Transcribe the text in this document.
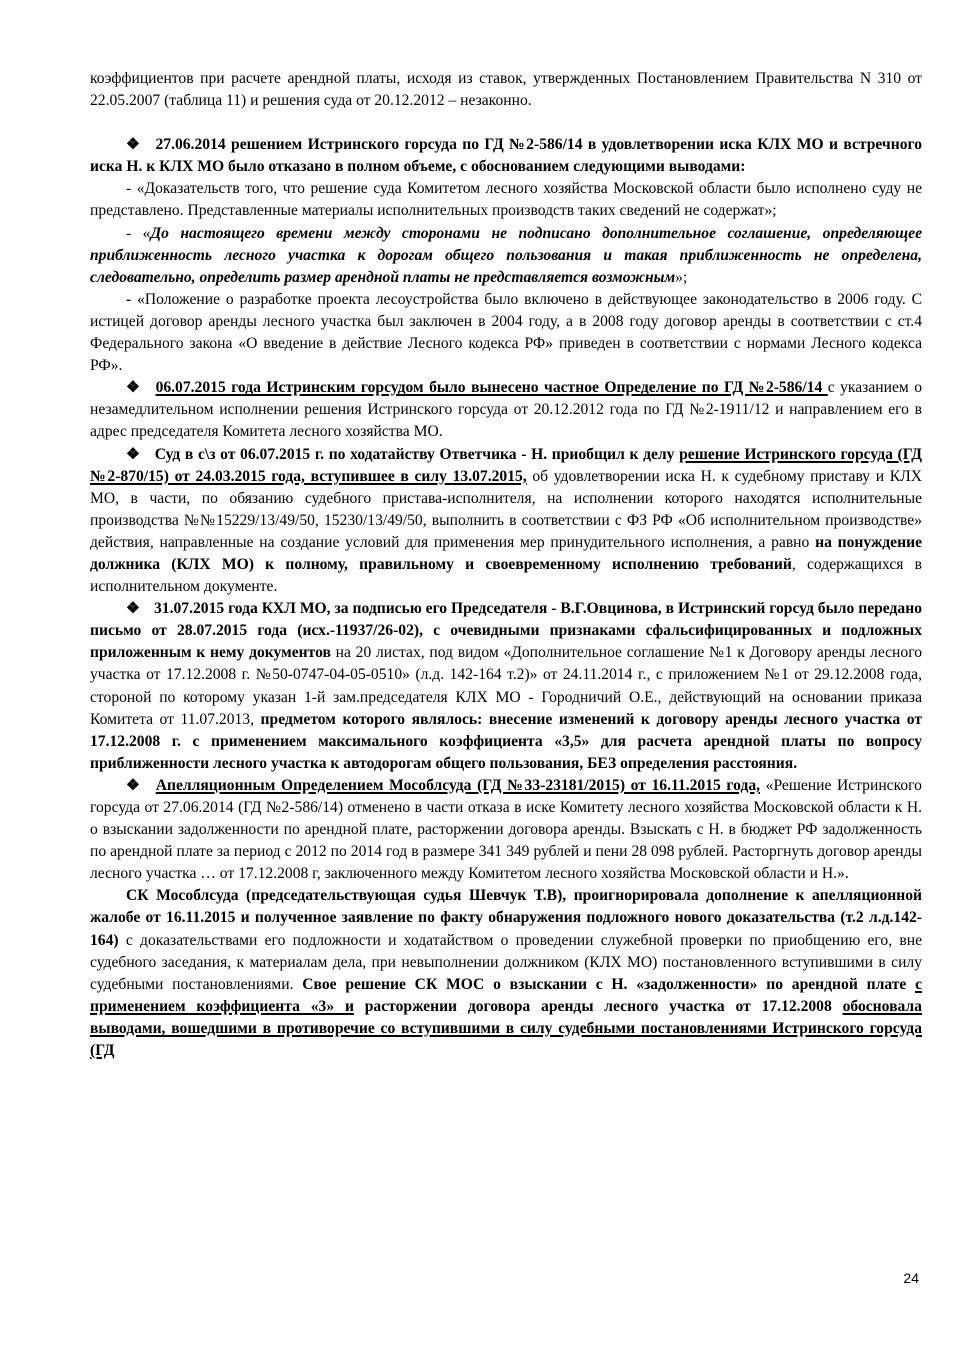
коэффициентов при расчете арендной платы, исходя из ставок, утвержденных Постановлением Правительства N 310 от 22.05.2007 (таблица 11) и решения суда от 20.12.2012 – незаконно.

❖ 27.06.2014 решением Истринского горсуда по ГД №2-586/14 в удовлетворении иска КЛХ МО и встречного иска Н. к КЛХ МО было отказано в полном объеме, с обоснованием следующими выводами:

- «Доказательств того, что решение суда Комитетом лесного хозяйства Московской области было исполнено суду не представлено. Представленные материалы исполнительных производств таких сведений не содержат»;

- «До настоящего времени между сторонами не подписано дополнительное соглашение, определяющее приближенность лесного участка к дорогам общего пользования и такая приближенность не определена, следовательно, определить размер арендной платы не представляется возможным»;

- «Положение о разработке проекта лесоустройства было включено в действующее законодательство в 2006 году. С истицей договор аренды лесного участка был заключен в 2004 году, а в 2008 году договор аренды в соответствии с ст.4 Федерального закона «О введение в действие Лесного кодекса РФ» приведен в соответствии с нормами Лесного кодекса РФ».

❖ 06.07.2015 года Истринским горсудом было вынесено частное Определение по ГД №2-586/14 с указанием о незамедлительном исполнении решения Истринского горсуда от 20.12.2012 года по ГД №2-1911/12 и направлением его в адрес председателя Комитета лесного хозяйства МО.

❖ Суд в с\з от 06.07.2015 г. по ходатайству Ответчика - Н. приобщил к делу решение Истринского горсуда (ГД №2-870/15) от 24.03.2015 года, вступившее в силу 13.07.2015, об удовлетворении иска Н. к судебному приставу и КЛХ МО, в части, по обязанию судебного пристава-исполнителя, на исполнении которого находятся исполнительные производства №№15229/13/49/50, 15230/13/49/50, выполнить в соответствии с ФЗ РФ «Об исполнительном производстве» действия, направленные на создание условий для применения мер принудительного исполнения, а равно на понуждение должника (КЛХ МО) к полному, правильному и своевременному исполнению требований, содержащихся в исполнительном документе.

❖ 31.07.2015 года КХЛ МО, за подписью его Председателя - В.Г.Овцинова, в Истринский горсуд было передано письмо от 28.07.2015 года (исх.-11937/26-02), с очевидными признаками сфальсифицированных и подложных приложенным к нему документов на 20 листах, под видом «Дополнительное соглашение №1 к Договору аренды лесного участка от 17.12.2008 г. №50-0747-04-05-0510» (л.д. 142-164 т.2)» от 24.11.2014 г., с приложением №1 от 29.12.2008 года, стороной по которому указан 1-й зам.председателя КЛХ МО - Городничий О.Е., действующий на основании приказа Комитета от 11.07.2013, предметом которого являлось: внесение изменений к договору аренды лесного участка от 17.12.2008 г. с применением максимального коэффициента «3,5» для расчета арендной платы по вопросу приближенности лесного участка к автодорогам общего пользования, БЕЗ определения расстояния.

❖ Апелляционным Определением Мособлсуда (ГД №33-23181/2015) от 16.11.2015 года, «Решение Истринского горсуда от 27.06.2014 (ГД №2-586/14) отменено в части отказа в иске Комитету лесного хозяйства Московской области к Н. о взыскании задолженности по арендной плате, расторжении договора аренды. Взыскать с Н. в бюджет РФ задолженность по арендной плате за период с 2012 по 2014 год в размере 341 349 рублей и пени 28 098 рублей. Расторгнуть договор аренды лесного участка … от 17.12.2008 г, заключенного между Комитетом лесного хозяйства Московской области и Н.».

СК Мособлсуда (председательствующая судья Шевчук Т.В), проигнорировала дополнение к апелляционной жалобе от 16.11.2015 и полученное заявление по факту обнаружения подложного нового доказательства (т.2 л.д.142-164) с доказательствами его подложности и ходатайством о проведении служебной проверки по приобщению его, вне судебного заседания, к материалам дела, при невыполнении должником (КЛХ МО) постановленного вступившими в силу судебными постановлениями. Свое решение СК МОС о взыскании с Н. «задолженности» по арендной плате с применением коэффициента «3» и расторжении договора аренды лесного участка от 17.12.2008 обосновала выводами, вошедшими в противоречие со вступившими в силу судебными постановлениями Истринского горсуда (ГД

24
